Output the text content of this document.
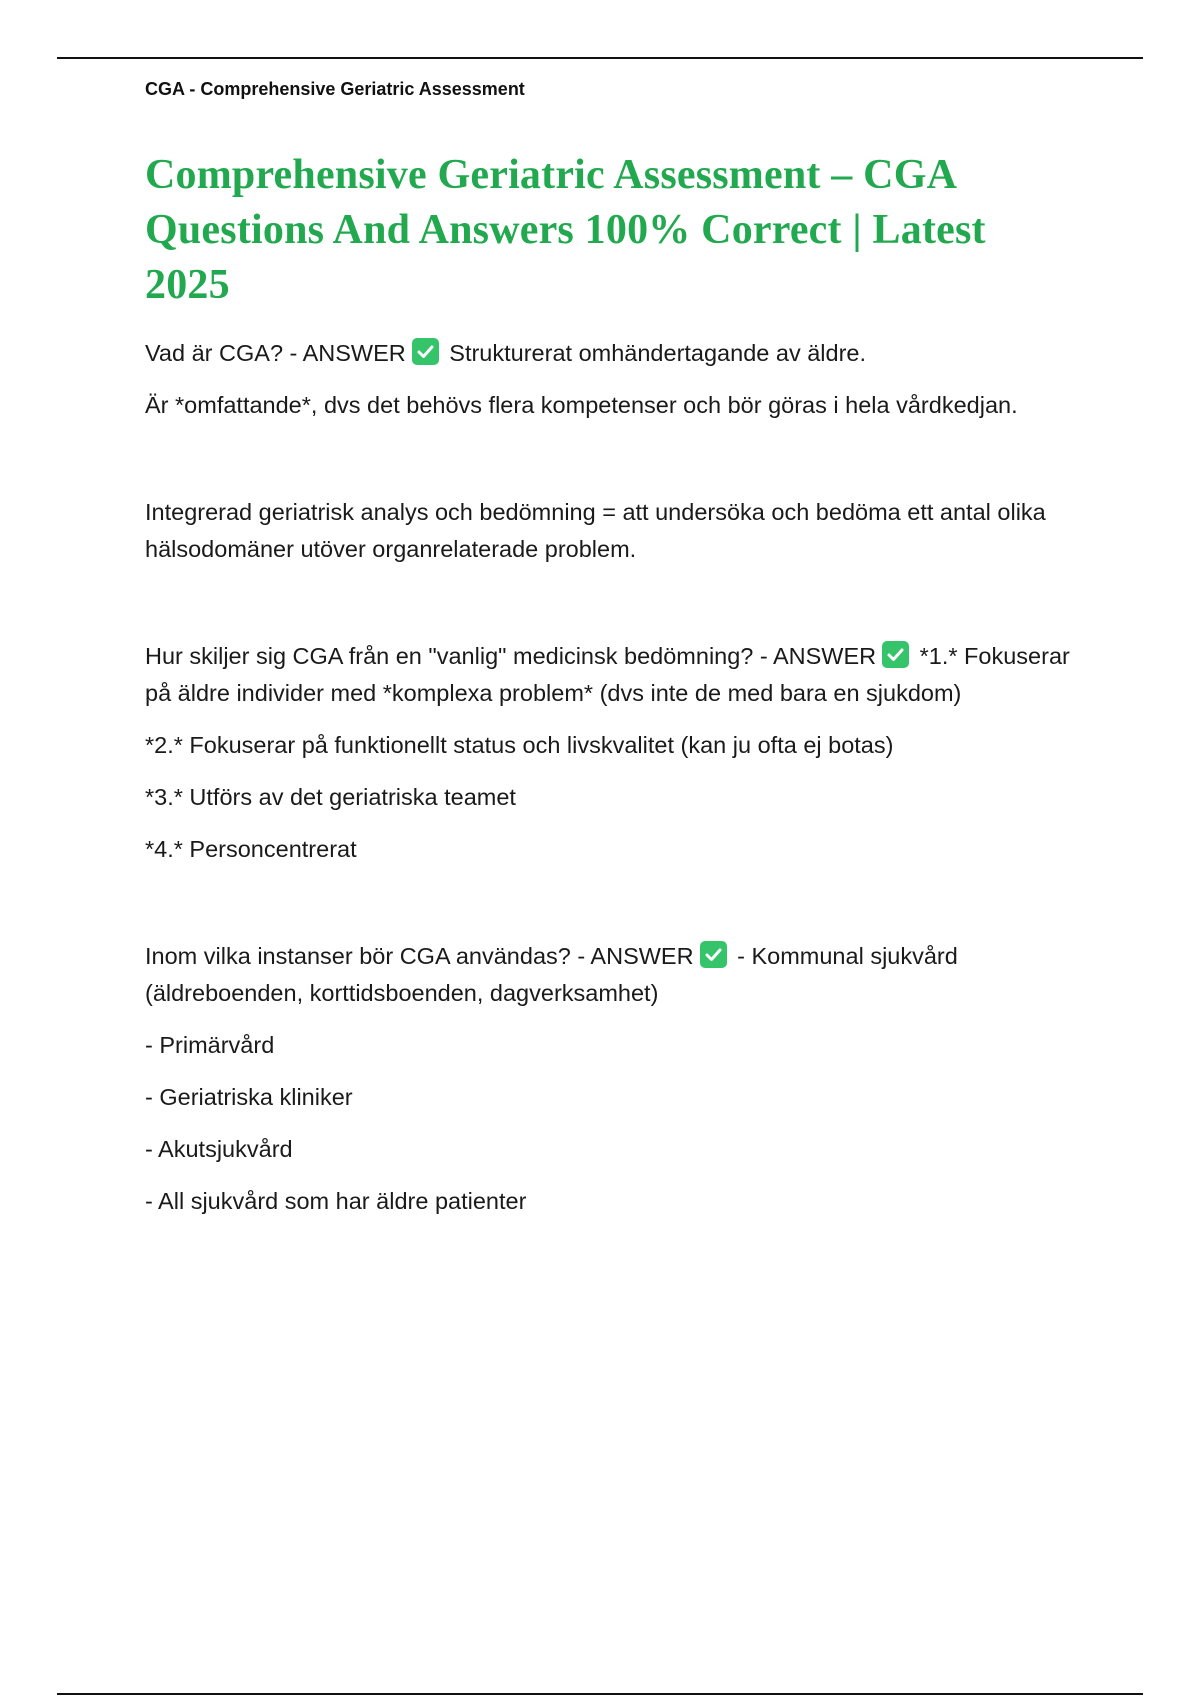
CGA - Comprehensive Geriatric Assessment
Comprehensive Geriatric Assessment – CGA
Questions And Answers 100% Correct | Latest
2025

Vad är CGA? - ANSWER
Strukturerat omhändertagande av äldre.

Är *omfattande*, dvs det behövs flera kompetenser och bör göras i hela vårdkedjan.

Integrerad geriatrisk analys och bedömning = att undersöka och bedöma ett antal olika hälsodomäner utöver organrelaterade problem.

Hur skiljer sig CGA från en "vanlig" medicinsk bedömning? - ANSWER
*1.* Fokuserar på äldre individer med *komplexa problem* (dvs inte de med bara en sjukdom)

*2.* Fokuserar på funktionellt status och livskvalitet (kan ju ofta ej botas)

*3.* Utförs av det geriatriska teamet

*4.* Personcentrerat

Inom vilka instanser bör CGA användas? - ANSWER
- Kommunal sjukvård (äldreboenden, korttidsboenden, dagverksamhet)

- Primärvård

- Geriatriska kliniker

- Akutsjukvård

- All sjukvård som har äldre patienter
